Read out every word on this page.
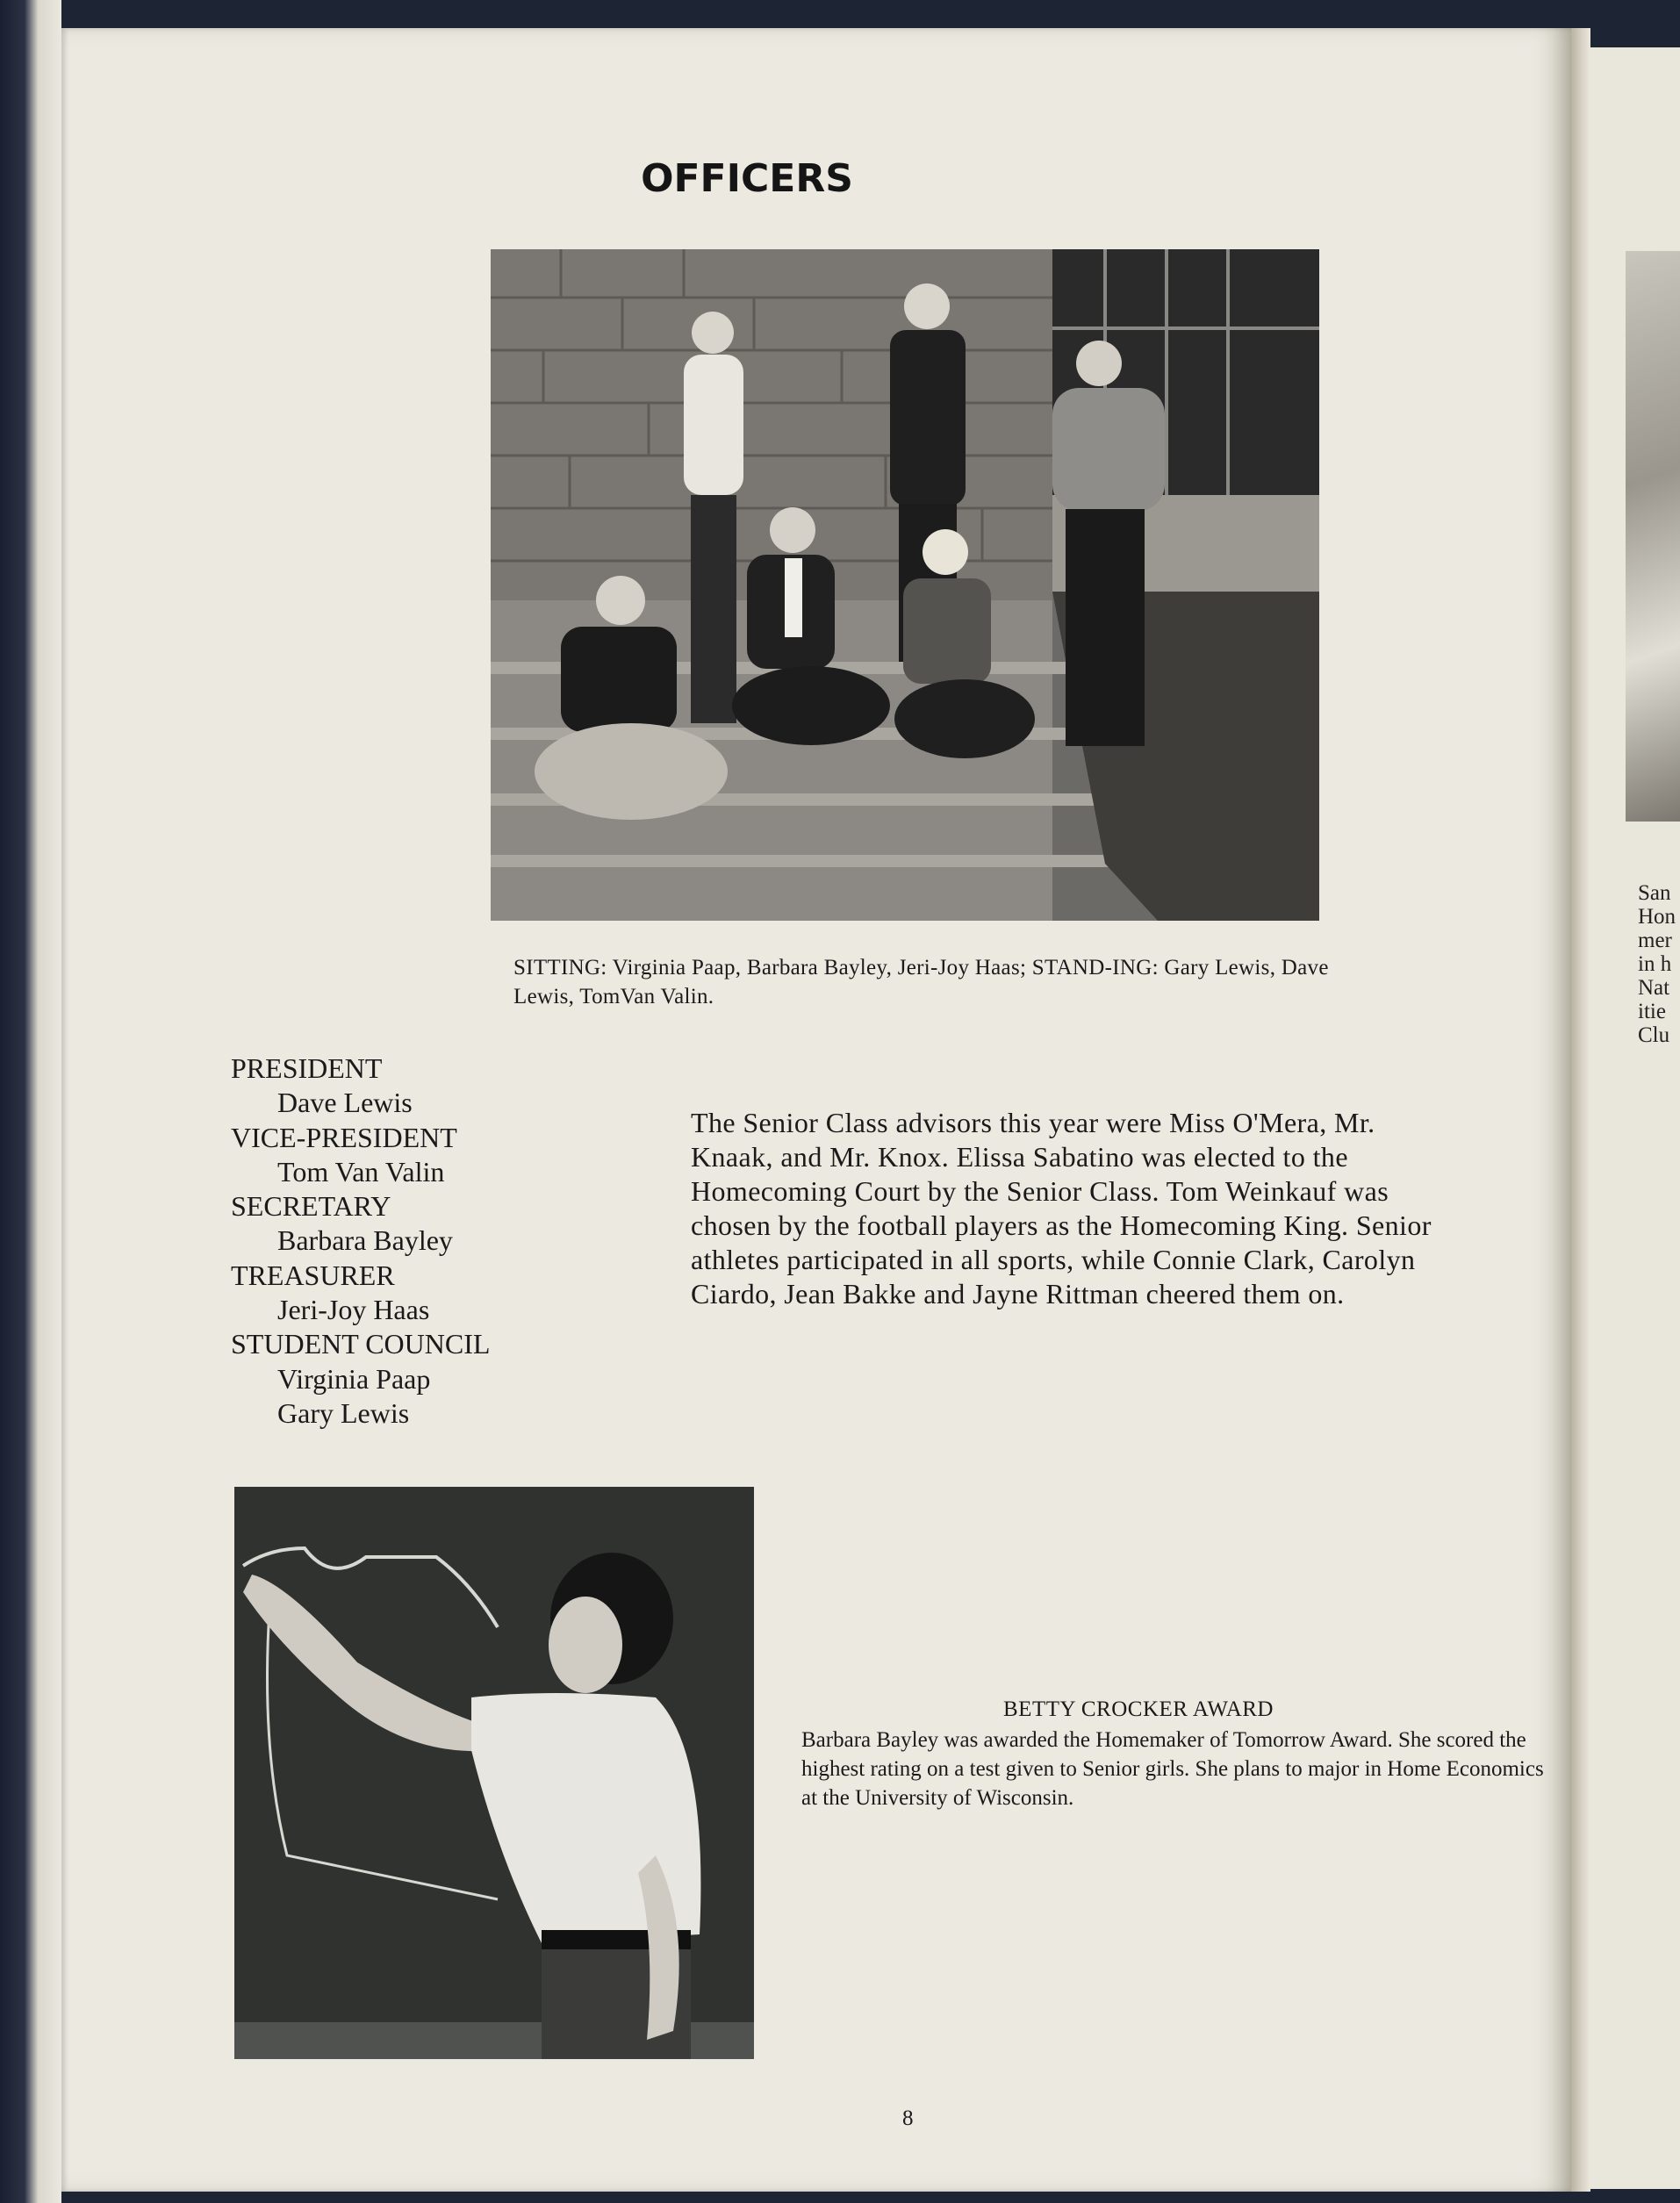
San
Hon
mer
in h
Nat
itie
Clu
OFFICERS
SITTING: Virginia Paap, Barbara Bayley, Jeri-Joy Haas; STAND-ING: Gary Lewis, Dave Lewis, TomVan Valin.
PRESIDENT
Dave Lewis
VICE-PRESIDENT
Tom Van Valin
SECRETARY
Barbara Bayley
TREASURER
Jeri-Joy Haas
STUDENT COUNCIL
Virginia Paap
Gary Lewis
The Senior Class advisors this year were Miss O'Mera, Mr. Knaak, and Mr. Knox. Elissa Sabatino was elected to the Homecoming Court by the Senior Class. Tom Weinkauf was chosen by the football players as the Homecoming King. Senior athletes participated in all sports, while Connie Clark, Carolyn Ciardo, Jean Bakke and Jayne Rittman cheered them on.
BETTY CROCKER AWARD
Barbara Bayley was awarded the Homemaker of Tomorrow Award. She scored the highest rating on a test given to Senior girls. She plans to major in Home Economics at the University of Wisconsin.
8
